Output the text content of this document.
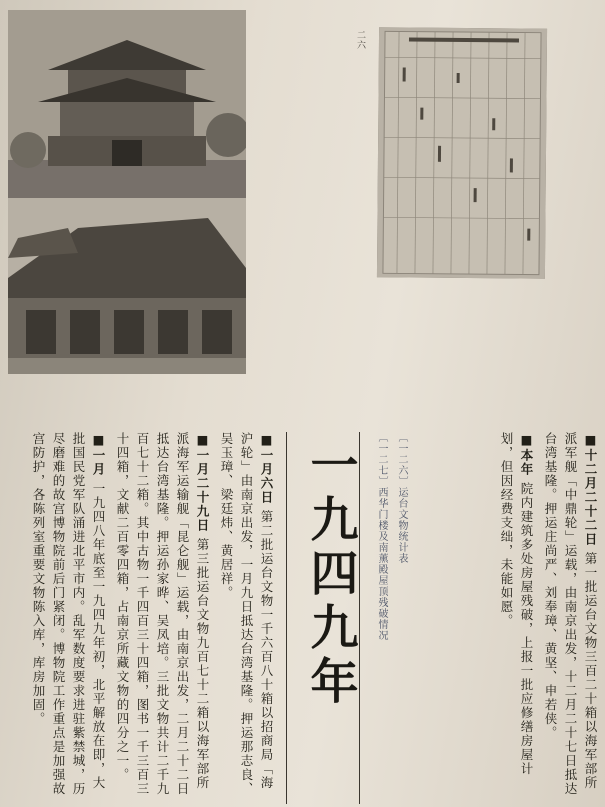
二六
一九四九年	〔一二六〕运台文物统计表

〔一二七〕西华门楼及南薰殿屋顶残破情况	■十二月二十二日 第一批运台文物三百二十箱以海军部所派军舰「中鼎轮」运载，由南京出发，十二月二十七日抵达台湾基隆。押运庄尚严、刘奉璋、黄坚、申若侠。

■本年 院内建筑多处房屋残破，上报一批应修缮房屋计划，但因经费支绌，未能如愿。

■一月六日 第二批运台文物一千六百八十箱以招商局「海沪轮」由南京出发，一月九日抵达台湾基隆。押运那志良、吴玉璋、梁廷炜、黄居祥。

■一月二十九日 第三批运台文物九百七十二箱以海军部所派海军运输舰「昆仑舰」运载，由南京出发，二月二十二日抵达台湾基隆。押运孙家晔、吴凤培。三批文物共计二千九百七十二箱。其中古物一千四百三十四箱，图书一千三百三十四箱，文献二百零四箱，占南京所藏文物的四分之一。

■一月 一九四八年底至一九四九年初，北平解放在即，大批国民党军队涌进北平市内。乱军数度要求进驻紫禁城，历尽磨难的故宫博物院前后门紧闭。博物院工作重点是加强故宫防护，各陈列室重要文物陈入库，库房加固。
